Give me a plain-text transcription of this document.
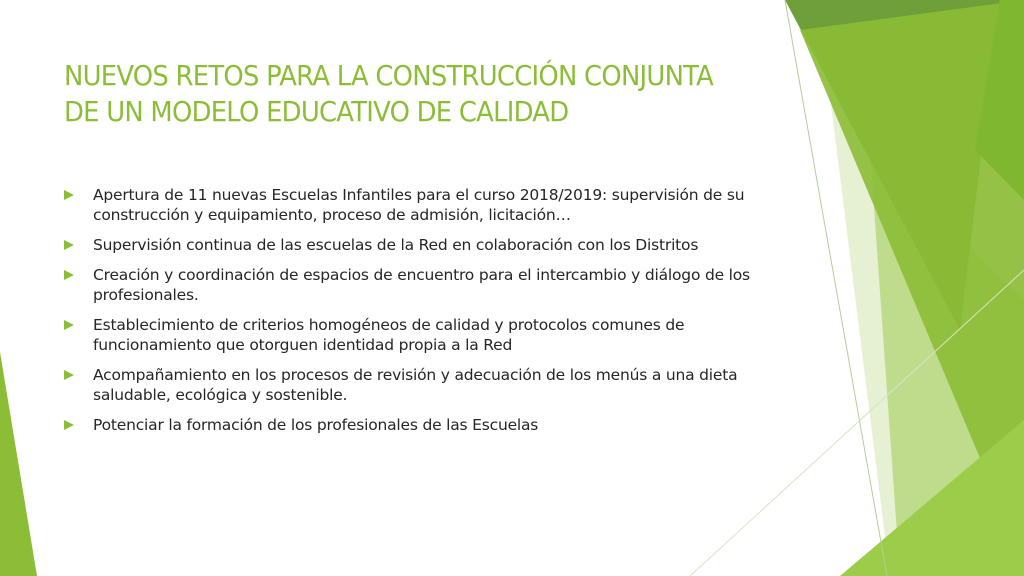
NUEVOS RETOS PARA LA CONSTRUCCIÓN CONJUNTA DE UN MODELO EDUCATIVO DE CALIDAD
Apertura de 11 nuevas Escuelas Infantiles para el curso 2018/2019: supervisión de su construcción y equipamiento, proceso de admisión, licitación…
Supervisión continua de las escuelas de la Red en colaboración con los Distritos
Creación y coordinación de espacios de encuentro para el intercambio y diálogo de los profesionales.
Establecimiento de criterios homogéneos de calidad y protocolos comunes de funcionamiento que otorguen identidad propia a la Red
Acompañamiento en los procesos de revisión y adecuación de los menús a una dieta saludable, ecológica y sostenible.
Potenciar la formación de los profesionales de las Escuelas
